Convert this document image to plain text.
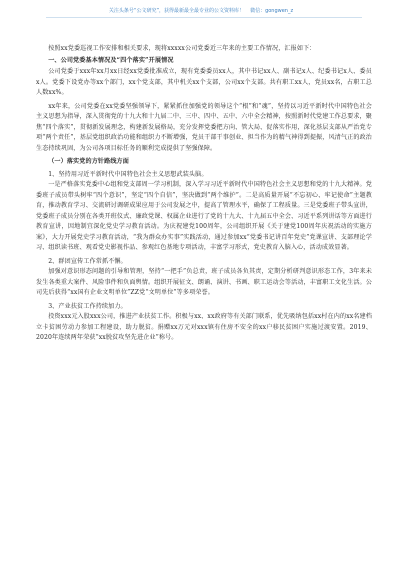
关注头条号“公文研究”，获得最新最全最专业的公文资料库！ 微信：gongwen_z

按照xx党委巡视工作安排和相关要求，现将xxxxx公司党委近三年来的主要工作情况，汇报如下：

一、公司党委基本情况及“四个落实”开展情况

公司党委于xxx年xx月xx日经xx党委批准成立，现有党委委员xx人，其中书记xx人、副书记x人、纪委书记x人、委员x人。党委下设党办等xx个部门，xx个党支部，其中机关xx个支部，公司xx个支部。共有职工xx人，党员xx名，占职工总人数xx%。

xx年来，公司党委在xx党委坚强领导下，紧紧抓住加强党的领导这个“根”和“魂”，坚持以习近平新时代中国特色社会主义思想为指导，深入贯彻党的十九大和十九届二中、三中、四中、五中、六中全会精神，按照新时代党建工作总要求，聚焦“四个落实”，贯彻新发展理念，构建新发展格局，充分发挥党委把方向、管大局、促落实作用，深化基层支部从严治党专项“两个责任”，基层党组织政治功能和组织力不断增强，党员干部干事创业、担当作为的精气神得到提振，风清气正的政治生态持续巩固，为公司各项目标任务的顺利完成提供了坚强保障。

（一）落实党的方针路线方面

1、坚持用习近平新时代中国特色社会主义思想武装头脑。

一是严格落实党委中心组和党支部周一学习机制，深入学习习近平新时代中国特色社会主义思想和党的十九大精神。党委班子成员带头树牢“四个意识”，坚定“四个自信”，坚决做到“两个维护”。二是高质量开展“不忘初心、牢记使命”主题教育，推动教育学习、交流研讨调研成果应用于公司发展之中，提高了管理水平，确保了工程质量。三是党委班子带头宣讲，党委班子成员分别在各类开班仪式、廉政党课、权属企业进行了党的十九大、十九届五中全会、习近平系列讲话等方面进行教育宣讲，因地制宜深化党史学习教育活动。为庆祝建党100周年，公司组织开展《关于建党100周年庆祝活动的实施方案》，大力开展党史学习教育活动，“我为群众办实事”实践活动，通过参加xx“党委书记讲百年党史”党课宣讲、支部理论学习、组织读书班、观看党史影视作品、参观红色基地专项活动，丰富学习形式，党史教育入脑入心，活动成效显著。

2、群团宣传工作常抓不懈。

加强对意识形态问题的引导和管理，坚持“一把手”负总责，班子成员各负其责，定期分析研判意识形态工作，3年来未发生各类重大案件、风险事件和负面舆情。组织开展征文、朗诵、演讲、书画、职工运动会等活动，丰富职工文化生活。公司先后获得“xx国有企业文明单位”ZZ党“文明单位”等多项荣誉。

3、产业扶贫工作持续加力。

投资xxx元入股xxx公司，推进产业扶贫工作。积极与xx、xx政府等有关部门联系，优先吸纳包括xx村在内的xx名建档立卡贫困劳动力参加工程建设，助力脱贫。捐赠xx万元对xxx镇有住房不安全的xx户移民贫困户实施过渡安置。2019、2020年连续两年荣获“xx脱贫攻坚先进企业”称号。
